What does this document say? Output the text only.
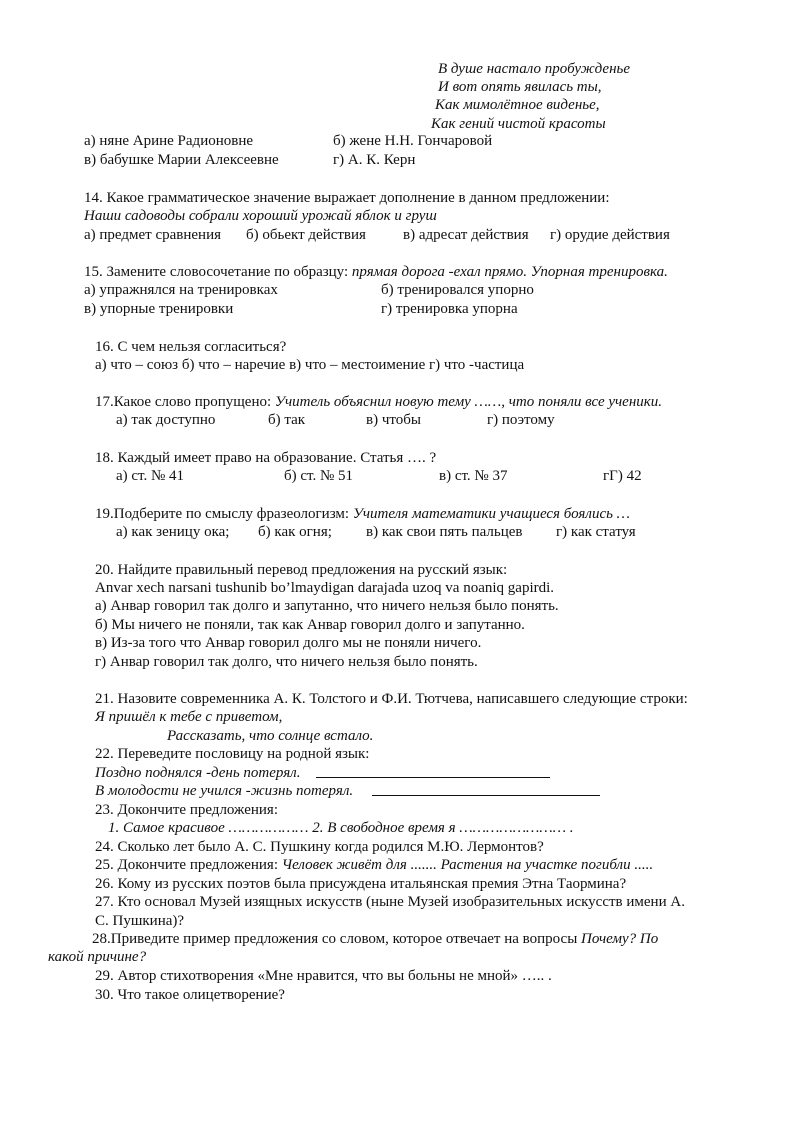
В душе настало пробужденье
И вот опять явилась ты,
Как мимолётное виденье,
Как гений чистой красоты
а) няне Арине Радионовне	б) жене Н.Н. Гончаровой
в) бабушке Марии Алексеевне	г) А. К. Керн
14. Какое грамматическое значение выражает дополнение в данном предложении:
Наши садоводы собрали хороший урожай яблок и груш
а) предмет сравнения б) обьект действия в) адресат действия г) орудие действия
15. Замените словосочетание по образцу: прямая дорога -ехал прямо. Упорная тренировка.
а) упражнялся на тренировках	б) тренировался упорно
в) упорные тренировки	г) тренировка упорна
16. С чем нельзя согласиться?
а) что – союз б) что – наречие в) что – местоимение г) что -частица
17.Какое слово пропущено: Учитель объяснил новую тему ……, что поняли все ученики.
а) так доступно	б) так	в) чтобы	г) поэтому
18. Каждый имеет право на образование. Статья …. ?
а) ст. № 41	б) ст. № 51	в) ст. № 37	гГ) 42
19.Подберите по смыслу фразеологизм: Учителя математики учащиеся боялись …
а) как зеницу ока; б) как огня; в) как свои пять пальцев г) как статуя
20. Найдите правильный перевод предложения на русский язык:
Anvar xech narsani tushunib bo’lmaydigan darajada uzoq va noaniq gapirdi.
а) Анвар говорил так долго и запутанно, что ничего нельзя было понять.
б) Мы ничего не поняли, так как Анвар говорил долго и запутанно.
в) Из-за того что Анвар говорил долго мы не поняли ничего.
г) Анвар говорил так долго, что ничего нельзя было понять.
21. Назовите современника А. К. Толстого и Ф.И. Тютчева, написавшего следующие строки:
Я пришёл к тебе с приветом,
Рассказать, что солнце встало.
22. Переведите пословицу на родной язык:
Поздно поднялся -день потерял.
В молодости не учился -жизнь потерял.
23. Докончите предложения:
1. Самое красивое ……………… 2. В свободное время я …………………… .
24. Сколько лет было А. С. Пушкину когда родился М.Ю. Лермонтов?
25. Докончите предложения: Человек живёт для ....... Растения на участке погибли .....
26. Кому из русских поэтов была присуждена итальянская премия Этна Таормина?
27. Кто основал Музей изящных искусств (ныне Музей изобразительных искусств имени А.
С. Пушкина)?
28.Приведите пример предложения со словом, которое отвечает на вопросы Почему? По
какой причине?
29. Автор стихотворения «Мне нравится, что вы больны не мной» ….. .
30. Что такое олицетворение?
